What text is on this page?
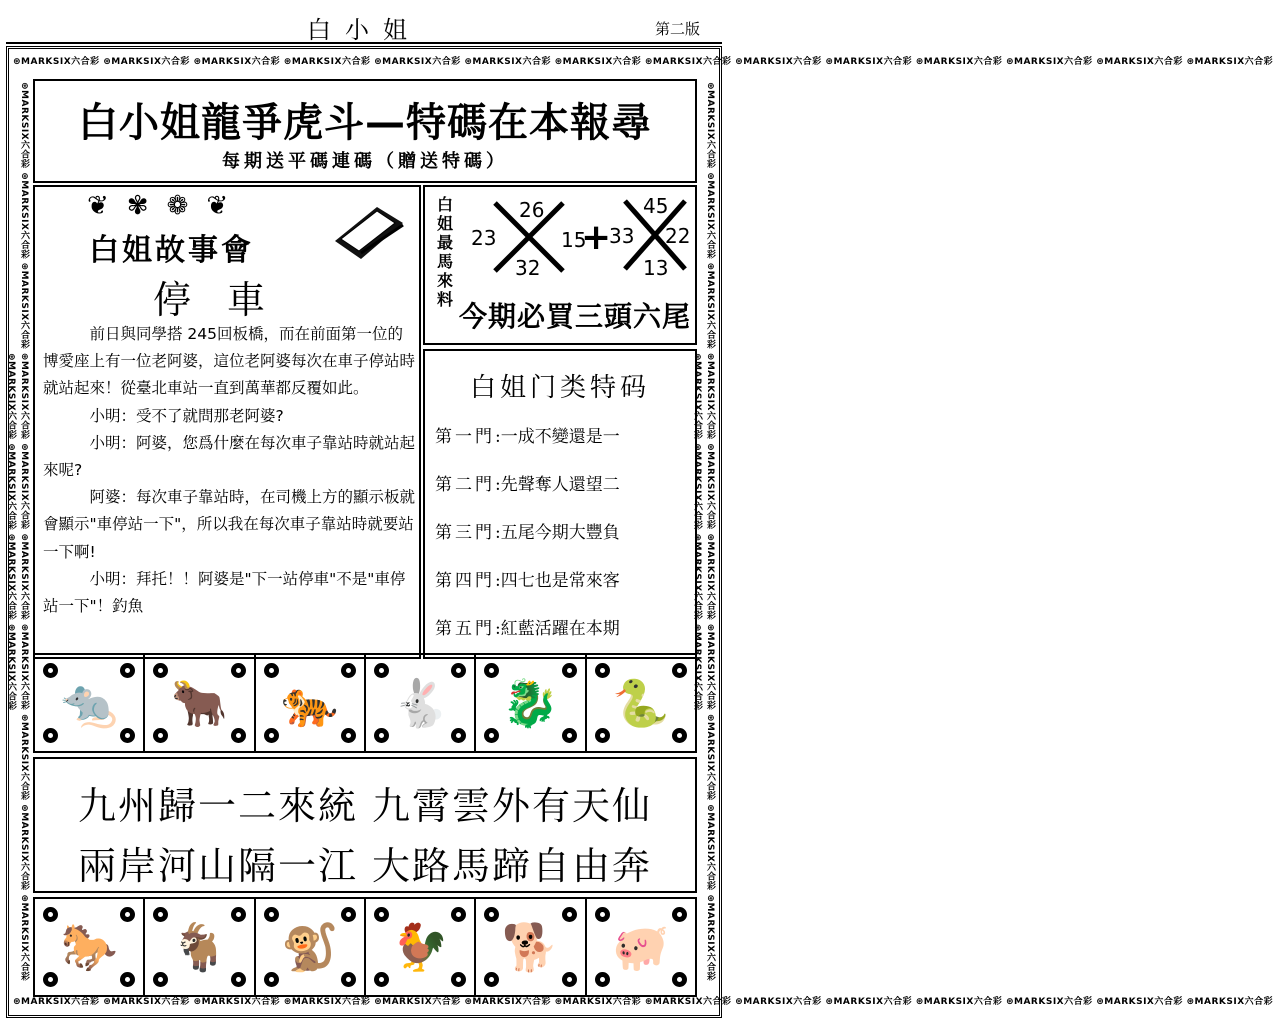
白小姐	第二版
⊛MARKSIX六合彩 ⊛MARKSIX六合彩 ⊛MARKSIX六合彩 ⊛MARKSIX六合彩 ⊛MARKSIX六合彩 ⊛MARKSIX六合彩 ⊛MARKSIX六合彩 ⊛MARKSIX六合彩 ⊛MARKSIX六合彩 ⊛MARKSIX六合彩 ⊛MARKSIX六合彩 ⊛MARKSIX六合彩 ⊛MARKSIX六合彩 ⊛MARKSIX六合彩
⊛MARKSIX六合彩 ⊛MARKSIX六合彩 ⊛MARKSIX六合彩 ⊛MARKSIX六合彩 ⊛MARKSIX六合彩 ⊛MARKSIX六合彩 ⊛MARKSIX六合彩 ⊛MARKSIX六合彩 ⊛MARKSIX六合彩 ⊛MARKSIX六合彩 ⊛MARKSIX六合彩 ⊛MARKSIX六合彩 ⊛MARKSIX六合彩 ⊛MARKSIX六合彩
⊛MARKSIX六合彩 ⊛MARKSIX六合彩 ⊛MARKSIX六合彩 ⊛MARKSIX六合彩 ⊛MARKSIX六合彩 ⊛MARKSIX六合彩 ⊛MARKSIX六合彩 ⊛MARKSIX六合彩 ⊛MARKSIX六合彩 ⊛MARKSIX六合彩 ⊛MARKSIX六合彩 ⊛MARKSIX六合彩 ⊛MARKSIX六合彩 ⊛MARKSIX六合彩	⊛MARKSIX六合彩 ⊛MARKSIX六合彩 ⊛MARKSIX六合彩 ⊛MARKSIX六合彩 ⊛MARKSIX六合彩 ⊛MARKSIX六合彩 ⊛MARKSIX六合彩 ⊛MARKSIX六合彩 ⊛MARKSIX六合彩 ⊛MARKSIX六合彩 ⊛MARKSIX六合彩 ⊛MARKSIX六合彩 ⊛MARKSIX六合彩 ⊛MARKSIX六合彩
白小姐龍爭虎斗—特碼在本報尋
每期送平碼連碼（贈送特碼）
❦✾❁❦
白姐故事會
停車

前日與同學搭 245回板橋，而在前面第一位的博愛座上有一位老阿婆，這位老阿婆每次在車子停站時就站起來！從臺北車站一直到萬華都反覆如此。

小明：受不了就問那老阿婆?

小明：阿婆，您爲什麼在每次車子靠站時就站起來呢?

阿婆：每次車子靠站時，在司機上方的顯示板就會顯示"車停站一下"，所以我在每次車子靠站時就要站一下啊!

小明：拜托！！阿婆是"下一站停車"不是"車停站一下"！釣魚

白姐最馬來料
26
23	15
32
+
45
33 22
13
今期必買三頭六尾
白姐门类特码
第一門:一成不變還是一
第二門:先聲奪人還望二
第三門:五尾今期大豐負
第四門:四七也是常來客
第五門:紅藍活躍在本期
🐀 🐂 🐅 🐇 🐉 🐍
九州歸一二來統 九霄雲外有天仙
兩岸河山隔一江 大路馬蹄自由奔
🐎 🐐 🐒 🐓 🐕 🐖
